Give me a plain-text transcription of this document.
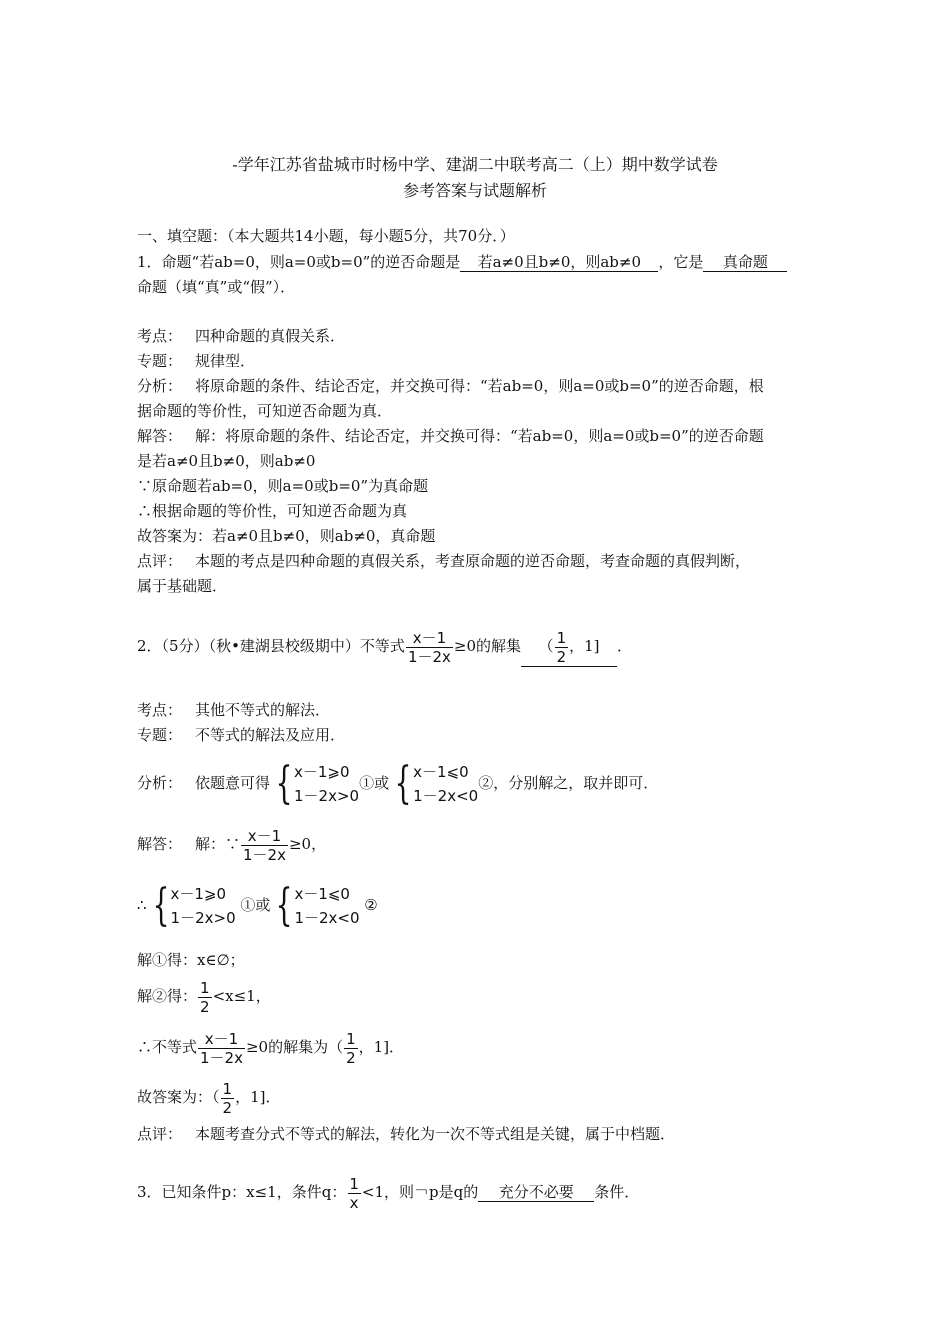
-学年江苏省盐城市时杨中学、建湖二中联考高二（上）期中数学试卷
参考答案与试题解析
一、填空题：（本大题共14小题，每小题5分，共70分．）
1．命题“若ab=0，则a=0或b=0”的逆否命题是 若a≠0且b≠0，则ab≠0 ，它是 真命题
命题（填“真”或“假”）．
考点： 四种命题的真假关系．
专题： 规律型．
分析： 将原命题的条件、结论否定，并交换可得：“若ab=0，则a=0或b=0”的逆否命题，根
据命题的等价性，可知逆否命题为真．
解答： 解：将原命题的条件、结论否定，并交换可得：“若ab=0，则a=0或b=0”的逆否命题
是若a≠0且b≠0，则ab≠0
∵原命题若ab=0，则a=0或b=0”为真命题
∴根据命题的等价性，可知逆否命题为真
故答案为：若a≠0且b≠0，则ab≠0，真命题
点评： 本题的考点是四种命题的真假关系，考查原命题的逆否命题，考查命题的真假判断，
属于基础题．
2．（5分）（秋•建湖县校级期中）不等式 $\frac{x-1}{1-2x} \ge 0$的解集 （ $\frac{1}{2}$ ，1] ．
考点： 其他不等式的解法．
专题： 不等式的解法及应用．
分析： 依题意可得 { x－1⩾0
1－2x>0
①或 { x－1⩽0
1－2x<0
②，分别解之，取并即可．
解答： 解：∵ $\frac{x-1}{1-2x} \ge 0$，
∴ { x－1⩾0
1－2x>0
①或 { x－1⩽0
1－2x<0
②
解①得：x∈∅；
解②得： $\frac{1}{2} <x\le 1$，
∴不等式 $\frac{x-1}{1-2x} \ge 0$的解集为（ $\frac{1}{2}$ ，1]．
故答案为：（ $\frac{1}{2}$ ，1]．
点评： 本题考查分式不等式的解法，转化为一次不等式组是关键，属于中档题．
3．已知条件p：x≤1，条件q： $\frac{1}{x} <1$，则￢p是q的 充分不必要 条件．
